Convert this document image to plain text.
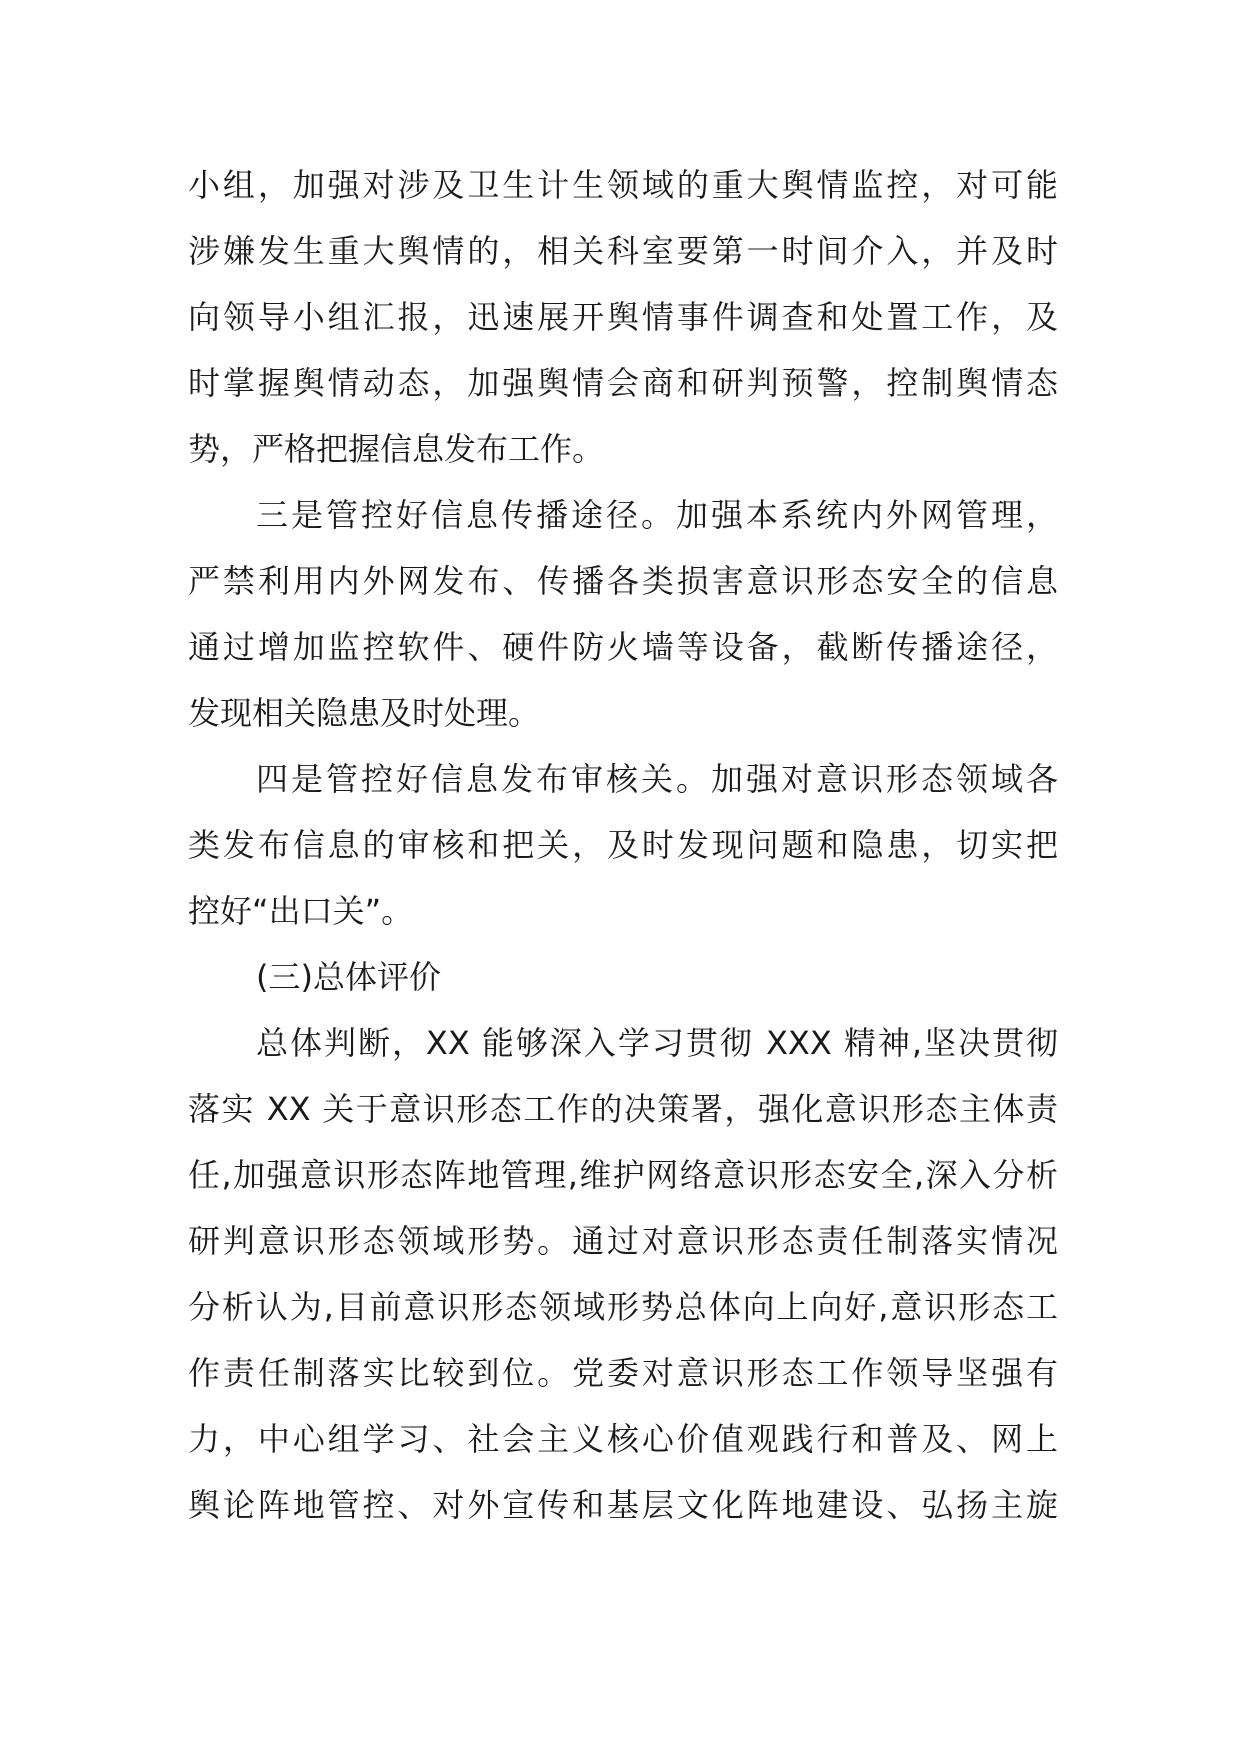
小组，加强对涉及卫生计生领域的重大舆情监控，对可能
涉嫌发生重大舆情的，相关科室要第一时间介入，并及时
向领导小组汇报，迅速展开舆情事件调查和处置工作，及
时掌握舆情动态，加强舆情会商和研判预警，控制舆情态
势，严格把握信息发布工作。
三是管控好信息传播途径。加强本系统内外网管理，
严禁利用内外网发布、传播各类损害意识形态安全的信息
通过增加监控软件、硬件防火墙等设备，截断传播途径，
发现相关隐患及时处理。
四是管控好信息发布审核关。加强对意识形态领域各
类发布信息的审核和把关，及时发现问题和隐患，切实把
控好“出口关”。
(三)总体评价
总体判断，XX 能够深入学习贯彻 XXX 精神,坚决贯彻
落实 XX 关于意识形态工作的决策署，强化意识形态主体责
任,加强意识形态阵地管理,维护网络意识形态安全,深入分析
研判意识形态领域形势。通过对意识形态责任制落实情况
分析认为,目前意识形态领域形势总体向上向好,意识形态工
作责任制落实比较到位。党委对意识形态工作领导坚强有
力，中心组学习、社会主义核心价值观践行和普及、网上
舆论阵地管控、对外宣传和基层文化阵地建设、弘扬主旋
